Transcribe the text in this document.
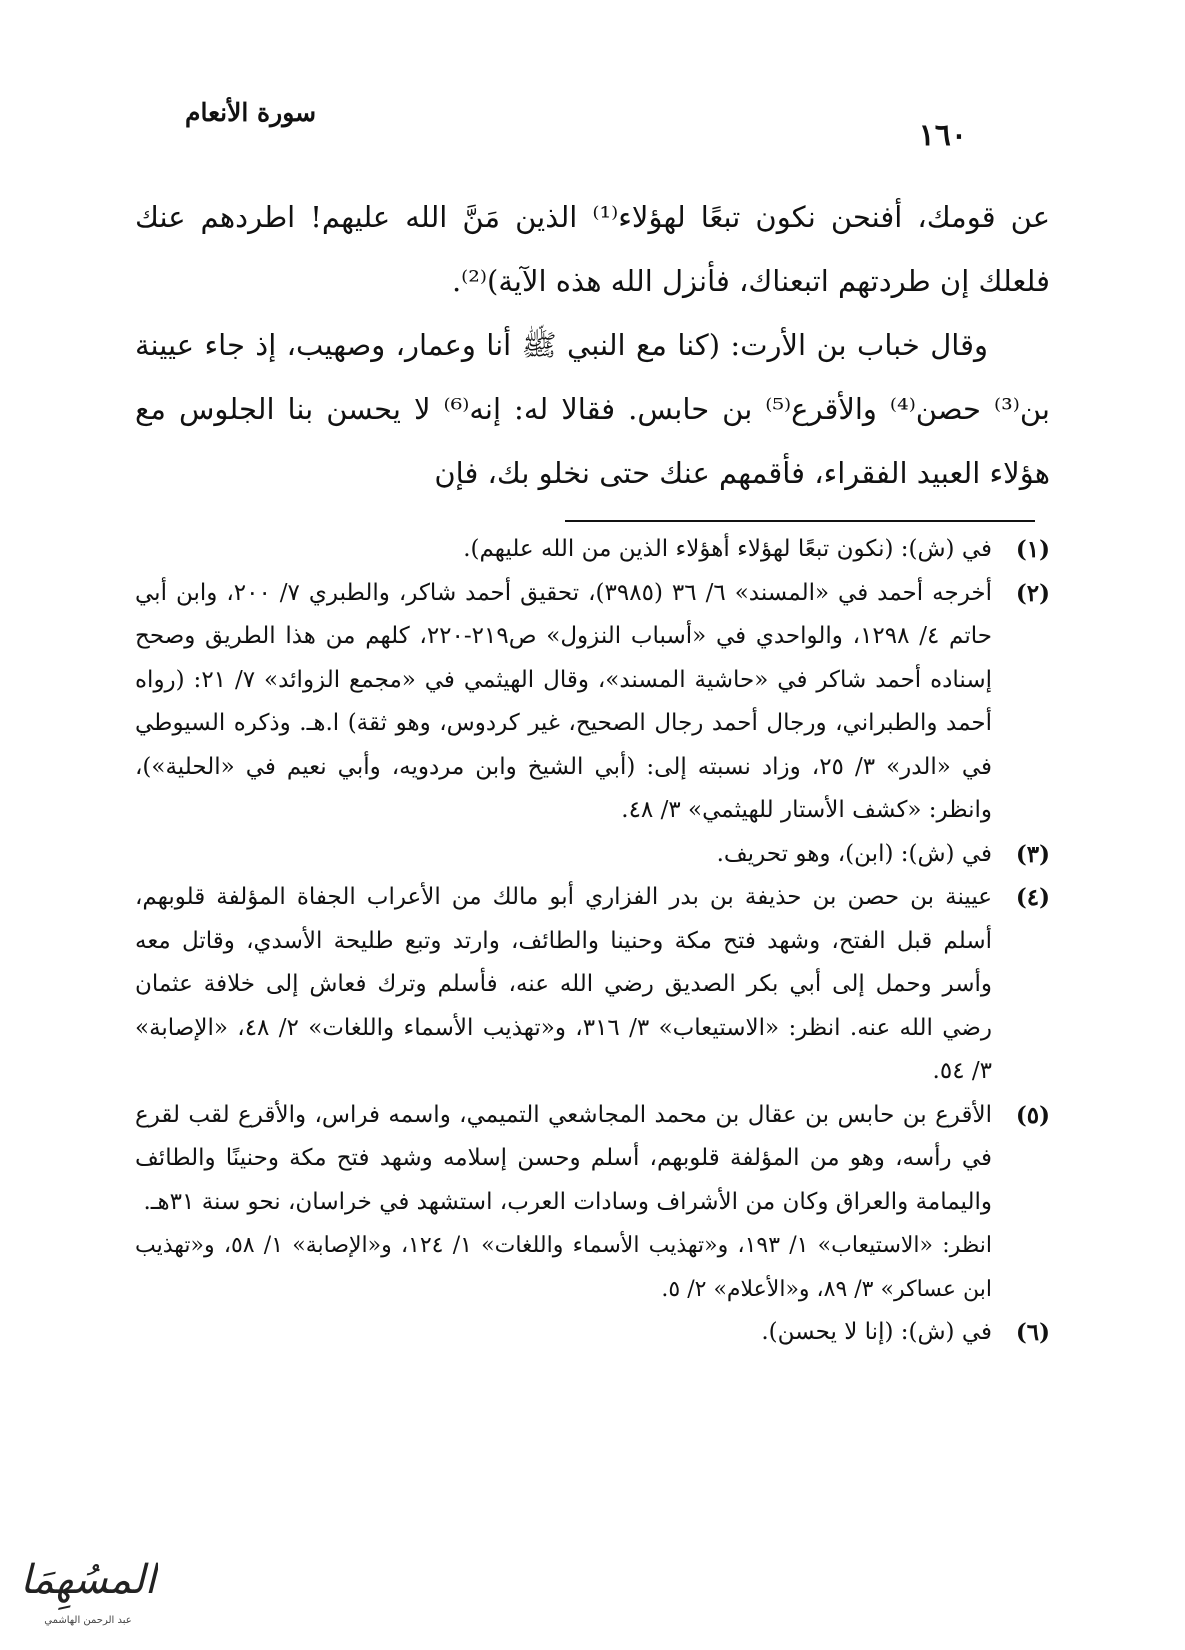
١٦٠
سورة الأنعام

عن قومك، أفنحن نكون تبعًا لهؤلاء⁽¹⁾ الذين مَنَّ الله عليهم! اطردهم عنك فلعلك إن طردتهم اتبعناك، فأنزل الله هذه الآية)⁽²⁾.

وقال خباب بن الأرت: (كنا مع النبي ﷺ أنا وعمار، وصهيب، إذ جاء عيينة بن⁽³⁾ حصن⁽⁴⁾ والأقرع⁽⁵⁾ بن حابس. فقالا له: إنه⁽⁶⁾ لا يحسن بنا الجلوس مع هؤلاء العبيد الفقراء، فأقمهم عنك حتى نخلو بك، فإن

(١)
في (ش): (نكون تبعًا لهؤلاء أهؤلاء الذين من الله عليهم).
(٢)
أخرجه أحمد في «المسند» ٦/ ٣٦ (٣٩٨٥)، تحقيق أحمد شاكر، والطبري ٧/ ٢٠٠، وابن أبي حاتم ٤/ ١٢٩٨، والواحدي في «أسباب النزول» ص٢١٩-٢٢٠، كلهم من هذا الطريق وصحح إسناده أحمد شاكر في «حاشية المسند»، وقال الهيثمي في «مجمع الزوائد» ٧/ ٢١: (رواه أحمد والطبراني، ورجال أحمد رجال الصحيح، غير كردوس، وهو ثقة) ا.هـ. وذكره السيوطي في «الدر» ٣/ ٢٥، وزاد نسبته إلى: (أبي الشيخ وابن مردويه، وأبي نعيم في «الحلية»)، وانظر: «كشف الأستار للهيثمي» ٣/ ٤٨.
(٣)
في (ش): (ابن)، وهو تحريف.
(٤)
عيينة بن حصن بن حذيفة بن بدر الفزاري أبو مالك من الأعراب الجفاة المؤلفة قلوبهم، أسلم قبل الفتح، وشهد فتح مكة وحنينا والطائف، وارتد وتبع طليحة الأسدي، وقاتل معه وأسر وحمل إلى أبي بكر الصديق رضي الله عنه، فأسلم وترك فعاش إلى خلافة عثمان رضي الله عنه. انظر: «الاستيعاب» ٣/ ٣١٦، و«تهذيب الأسماء واللغات» ٢/ ٤٨، «الإصابة» ٣/ ٥٤.
(٥)
الأقرع بن حابس بن عقال بن محمد المجاشعي التميمي، واسمه فراس، والأقرع لقب لقرع في رأسه، وهو من المؤلفة قلوبهم، أسلم وحسن إسلامه وشهد فتح مكة وحنينًا والطائف واليمامة والعراق وكان من الأشراف وسادات العرب، استشهد في خراسان، نحو سنة ٣١هـ.
انظر: «الاستيعاب» ١/ ١٩٣، و«تهذيب الأسماء واللغات» ١/ ١٢٤، و«الإصابة» ١/ ٥٨، و«تهذيب ابن عساكر» ٣/ ٨٩، و«الأعلام» ٢/ ٥.
(٦)
في (ش): (إنا لا يحسن).
المسُهِمَا
عبد الرحمن الهاشمي
